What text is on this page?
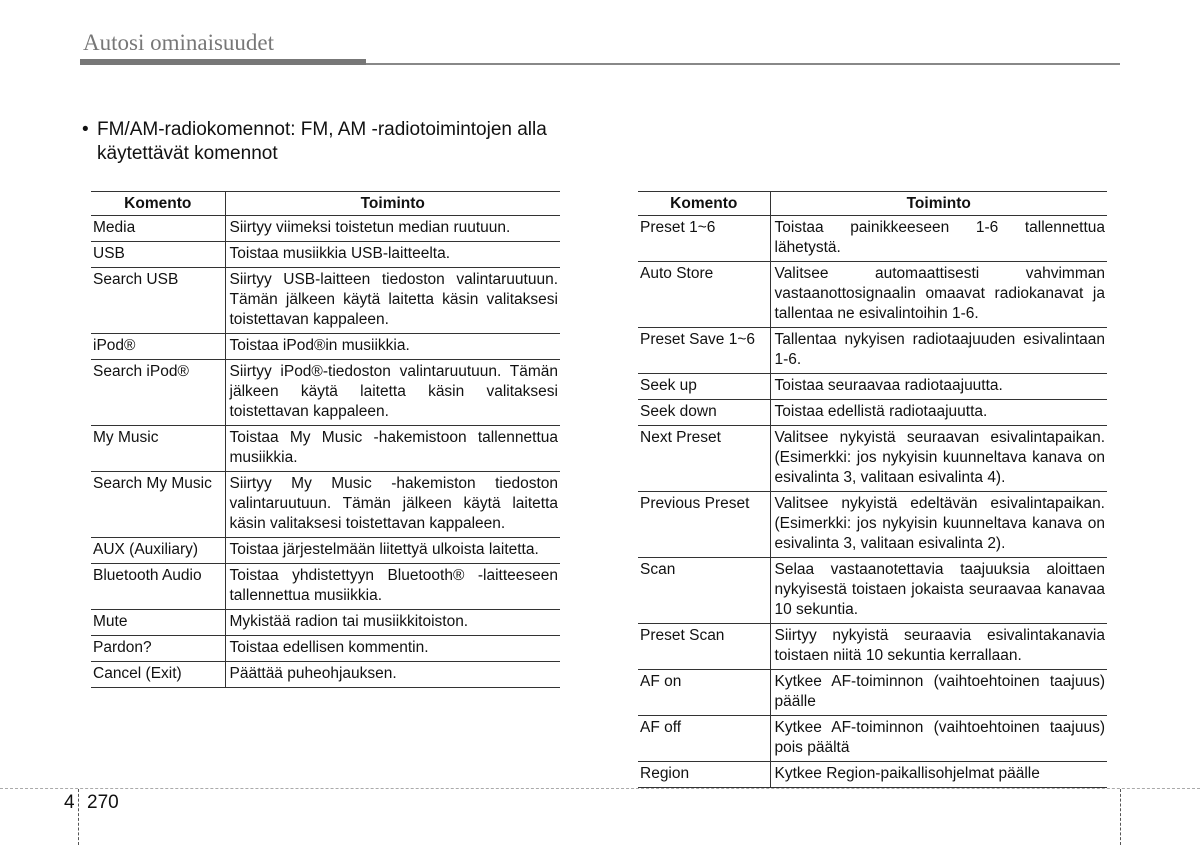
Autosi ominaisuudet
• FM/AM-radiokomennot: FM, AM -radiotoimintojen alla käytettävät komennot
Komento	Toiminto
Media	Siirtyy viimeksi toistetun median ruutuun.
USB	Toistaa musiikkia USB-laitteelta.
Search USB	Siirtyy USB-laitteen tiedoston valintaruutuun. Tämän jälkeen käytä laitetta käsin valitaksesi toistettavan kappaleen.
iPod®	Toistaa iPod®in musiikkia.
Search iPod®	Siirtyy iPod®-tiedoston valintaruutuun. Tämän jälkeen käytä laitetta käsin valitaksesi toistettavan kappaleen.
My Music	Toistaa My Music -hakemistoon tallennettua musiikkia.
Search My Music	Siirtyy My Music -hakemiston tiedoston valintaruutuun. Tämän jälkeen käytä laitetta käsin valitaksesi toistettavan kappaleen.
AUX (Auxiliary)	Toistaa järjestelmään liitettyä ulkoista laitetta.
Bluetooth Audio	Toistaa yhdistettyyn Bluetooth® -laitteeseen tallennettua musiikkia.
Mute	Mykistää radion tai musiikkitoiston.
Pardon?	Toistaa edellisen kommentin.
Cancel (Exit)	Päättää puheohjauksen.
Komento	Toiminto
Preset 1~6	Toistaa painikkeeseen 1-6 tallennettua lähetystä.
Auto Store	Valitsee automaattisesti vahvimman vastaanottosignaalin omaavat radiokanavat ja tallentaa ne esivalintoihin 1-6.
Preset Save 1~6	Tallentaa nykyisen radiotaajuuden esivalintaan 1-6.
Seek up	Toistaa seuraavaa radiotaajuutta.
Seek down	Toistaa edellistä radiotaajuutta.
Next Preset	Valitsee nykyistä seuraavan esivalintapaikan. (Esimerkki: jos nykyisin kuunneltava kanava on esivalinta 3, valitaan esivalinta 4).
Previous Preset	Valitsee nykyistä edeltävän esivalintapaikan. (Esimerkki: jos nykyisin kuunneltava kanava on esivalinta 3, valitaan esivalinta 2).
Scan	Selaa vastaanotettavia taajuuksia aloittaen nykyisestä toistaen jokaista seuraavaa kanavaa 10 sekuntia.
Preset Scan	Siirtyy nykyistä seuraavia esivalintakanavia toistaen niitä 10 sekuntia kerrallaan.
AF on	Kytkee AF-toiminnon (vaihtoehtoinen taajuus) päälle
AF off	Kytkee AF-toiminnon (vaihtoehtoinen taajuus) pois päältä
Region	Kytkee Region-paikallisohjelmat päälle
4 270
